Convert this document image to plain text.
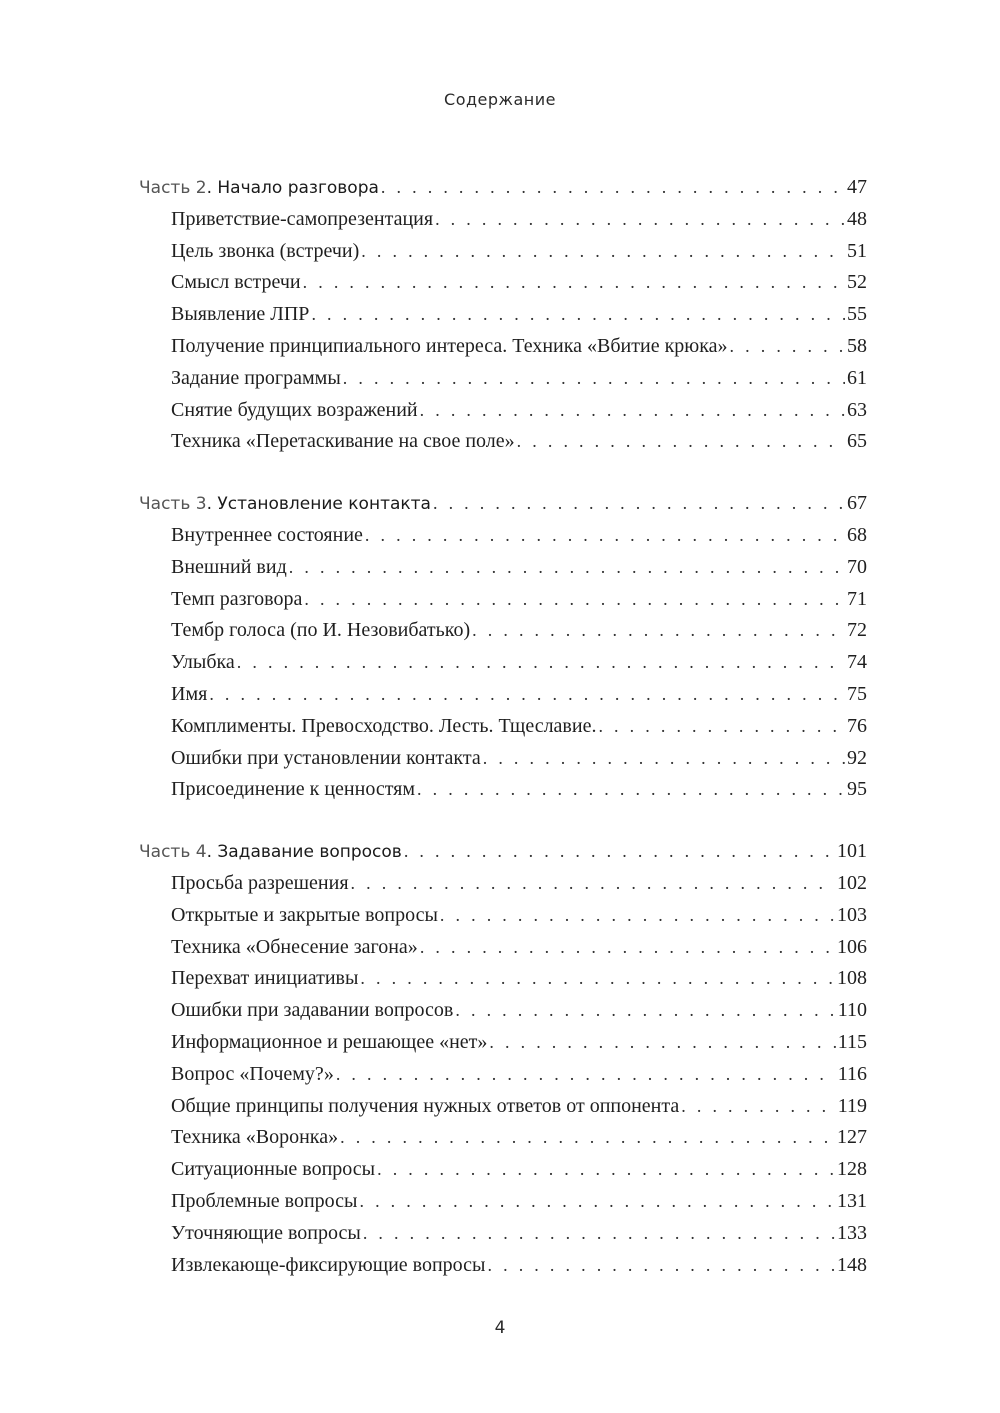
Содержание
Часть 2. Начало разговора . . .	47
Приветствие-самопрезентация . . .	48
Цель звонка (встречи) . . .	51
Смысл встречи . . .	52
Выявление ЛПР . . .	55
Получение принципиального интереса. Техника «Вбитие крюка» . . .	58
Задание программы . . .	61
Снятие будущих возражений . . .	63
Техника «Перетаскивание на свое поле» . . .	65
Часть 3. Установление контакта . . .	67
Внутреннее состояние . . .	68
Внешний вид . . .	70
Темп разговора . . .	71
Тембр голоса (по И. Незовибатько) . . .	72
Улыбка . . .	74
Имя . . .	75
Комплименты. Превосходство. Лесть. Тщеславие. . . .	76
Ошибки при установлении контакта . . .	92
Присоединение к ценностям . . .	95
Часть 4. Задавание вопросов . . .	101
Просьба разрешения . . .	102
Открытые и закрытые вопросы . . .	103
Техника «Обнесение загона» . . .	106
Перехват инициативы . . .	108
Ошибки при задавании вопросов . . .	110
Информационное и решающее «нет» . . .	115
Вопрос «Почему?» . . .	116
Общие принципы получения нужных ответов от оппонента . . .	119
Техника «Воронка» . . .	127
Ситуационные вопросы . . .	128
Проблемные вопросы . . .	131
Уточняющие вопросы . . .	133
Извлекающе-фиксирующие вопросы . . .	148
4
